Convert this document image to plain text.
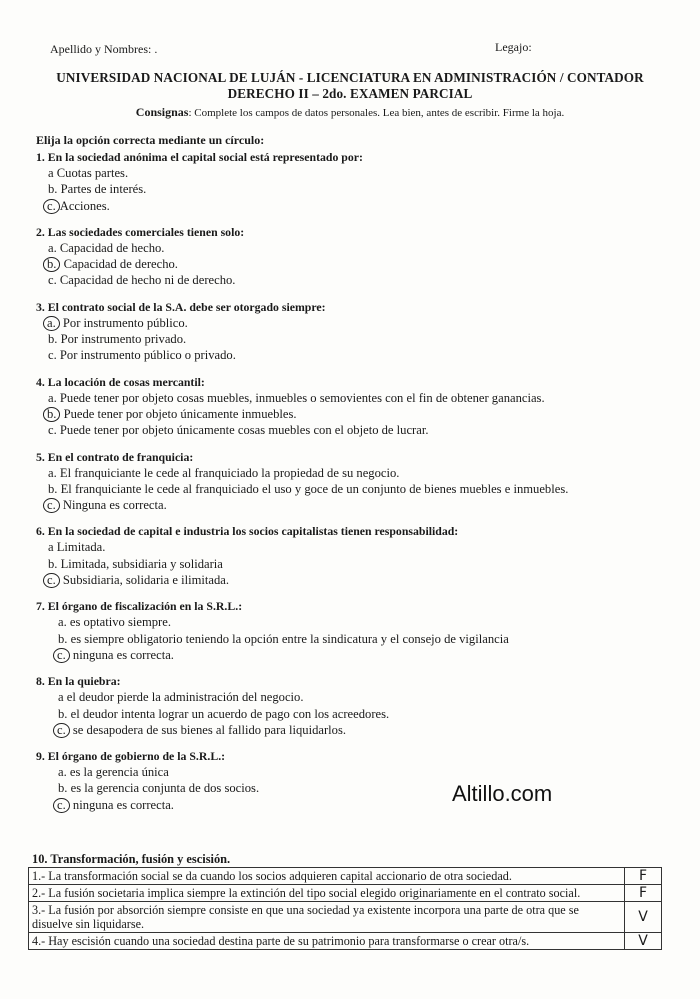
Apellido y Nombres: .	Legajo:
UNIVERSIDAD NACIONAL DE LUJÁN - LICENCIATURA EN ADMINISTRACIÓN / CONTADOR
DERECHO II – 2do. EXAMEN PARCIAL
Consignas: Complete los campos de datos personales. Lea bien, antes de escribir. Firme la hoja.
Elija la opción correcta mediante un círculo:
1. En la sociedad anónima el capital social está representado por:
a Cuotas partes.
b. Partes de interés.
c. Acciones.
2. Las sociedades comerciales tienen solo:
a. Capacidad de hecho.
b. Capacidad de derecho.
c. Capacidad de hecho ni de derecho.
3. El contrato social de la S.A. debe ser otorgado siempre:
a. Por instrumento público.
b. Por instrumento privado.
c. Por instrumento público o privado.
4. La locación de cosas mercantil:
a. Puede tener por objeto cosas muebles, inmuebles o semovientes con el fin de obtener ganancias.
b. Puede tener por objeto únicamente inmuebles.
c. Puede tener por objeto únicamente cosas muebles con el objeto de lucrar.
5. En el contrato de franquicia:
a. El franquiciante le cede al franquiciado la propiedad de su negocio.
b. El franquiciante le cede al franquiciado el uso y goce de un conjunto de bienes muebles e inmuebles.
c. Ninguna es correcta.
6. En la sociedad de capital e industria los socios capitalistas tienen responsabilidad:
a Limitada.
b. Limitada, subsidiaria y solidaria
c. Subsidiaria, solidaria e ilimitada.
7. El órgano de fiscalización en la S.R.L.:
a. es optativo siempre.
b. es siempre obligatorio teniendo la opción entre la sindicatura y el consejo de vigilancia
c. ninguna es correcta.
8. En la quiebra:
a el deudor pierde la administración del negocio.
b. el deudor intenta lograr un acuerdo de pago con los acreedores.
c. se desapodera de sus bienes al fallido para liquidarlos.
9. El órgano de gobierno de la S.R.L.:
a. es la gerencia única
b. es la gerencia conjunta de dos socios.
c. ninguna es correcta.	Altillo.com
10. Transformación, fusión y escisión.
1.- La transformación social se da cuando los socios adquieren capital accionario de otra sociedad.	F
2.- La fusión societaria implica siempre la extinción del tipo social elegido originariamente en el contrato social.	F
3.- La fusión por absorción siempre consiste en que una sociedad ya existente incorpora una parte de otra que se disuelve sin liquidarse.	V
4.- Hay escisión cuando una sociedad destina parte de su patrimonio para transformarse o crear otra/s.	V
